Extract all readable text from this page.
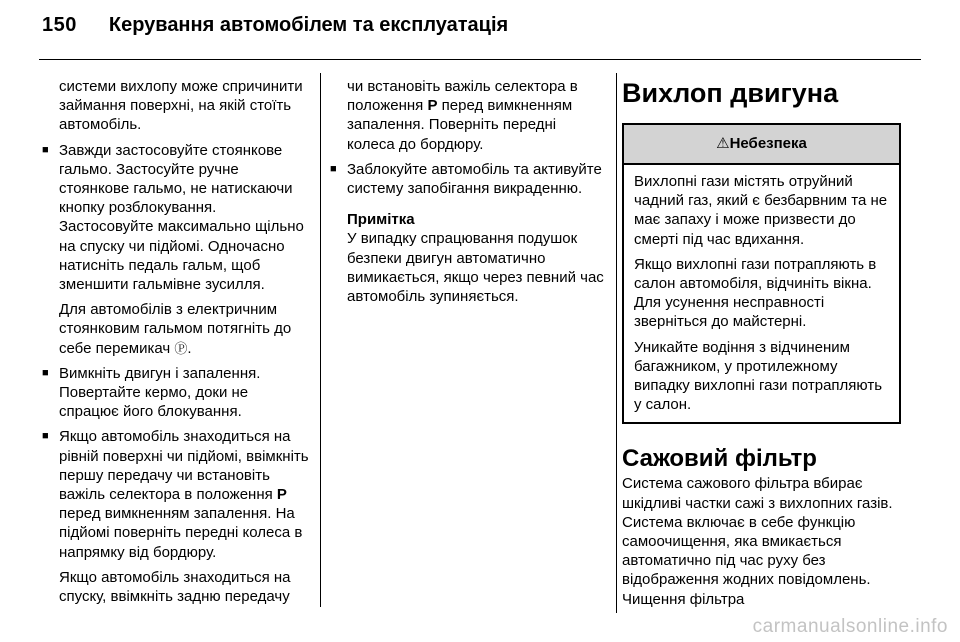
150 Керування автомобілем та експлуатація

системи вихлопу може спричинити займання поверхні, на якій стоїть автомобіль.

■ Завжди застосовуйте стоянкове гальмо. Застосуйте ручне стоянкове гальмо, не натискаючи кнопку розблокування. Застосовуйте максимально щільно на спуску чи підйомі. Одночасно натисніть педаль гальм, щоб зменшити гальмівне зусилля.

Для автомобілів з електричним стоянковим гальмом потягніть до себе перемикач Ⓟ.

■ Вимкніть двигун і запалення. Повертайте кермо, доки не спрацює його блокування.

■ Якщо автомобіль знаходиться на рівній поверхні чи підйомі, ввімкніть першу передачу чи встановіть важіль селектора в положення P перед вимкненням запалення. На підйомі поверніть передні колеса в напрямку від бордюру.

Якщо автомобіль знаходиться на спуску, ввімкніть задню передачу

чи встановіть важіль селектора в положення P перед вимкненням запалення. Поверніть передні колеса до бордюру.

■ Заблокуйте автомобіль та активуйте систему запобігання викраденню.

Примітка

У випадку спрацювання подушок безпеки двигун автоматично вимикається, якщо через певний час автомобіль зупиняється.

Вихлоп двигуна

⚠Небезпека

Вихлопні гази містять отруйний чадний газ, який є безбарвним та не має запаху і може призвести до смерті під час вдихання.

Якщо вихлопні гази потрапляють в салон автомобіля, відчиніть вікна. Для усунення несправності зверніться до майстерні.

Уникайте водіння з відчиненим багажником, у протилежному випадку вихлопні гази потрапляють у салон.

Сажовий фільтр

Система сажового фільтра вбирає шкідливі частки сажі з вихлопних газів. Система включає в себе функцію самоочищення, яка вмикається автоматично під час руху без відображення жодних повідомлень. Чищення фільтра

carmanualsonline.info
